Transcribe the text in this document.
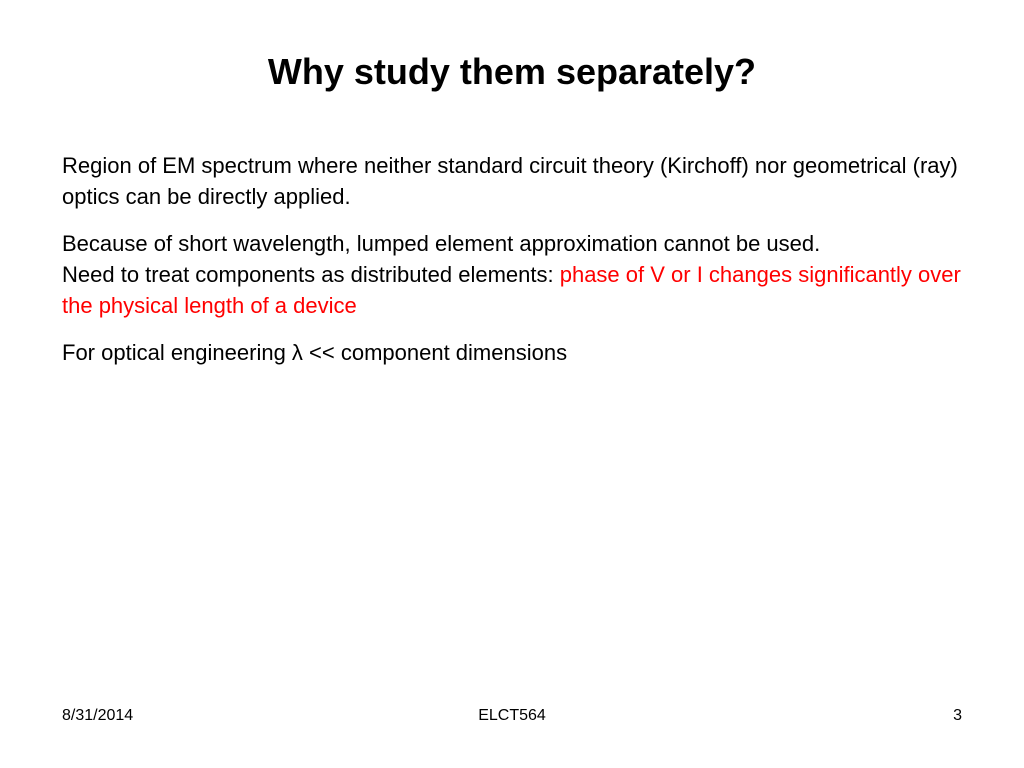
Why study them separately?

Region of EM spectrum where neither standard circuit theory (Kirchoff) nor geometrical (ray) optics can be directly applied.

Because of short wavelength, lumped element approximation cannot be used.
Need to treat components as distributed elements: phase of V or I changes significantly over the physical length of a device

For optical engineering λ << component dimensions

ELCT564
8/31/2014	3
